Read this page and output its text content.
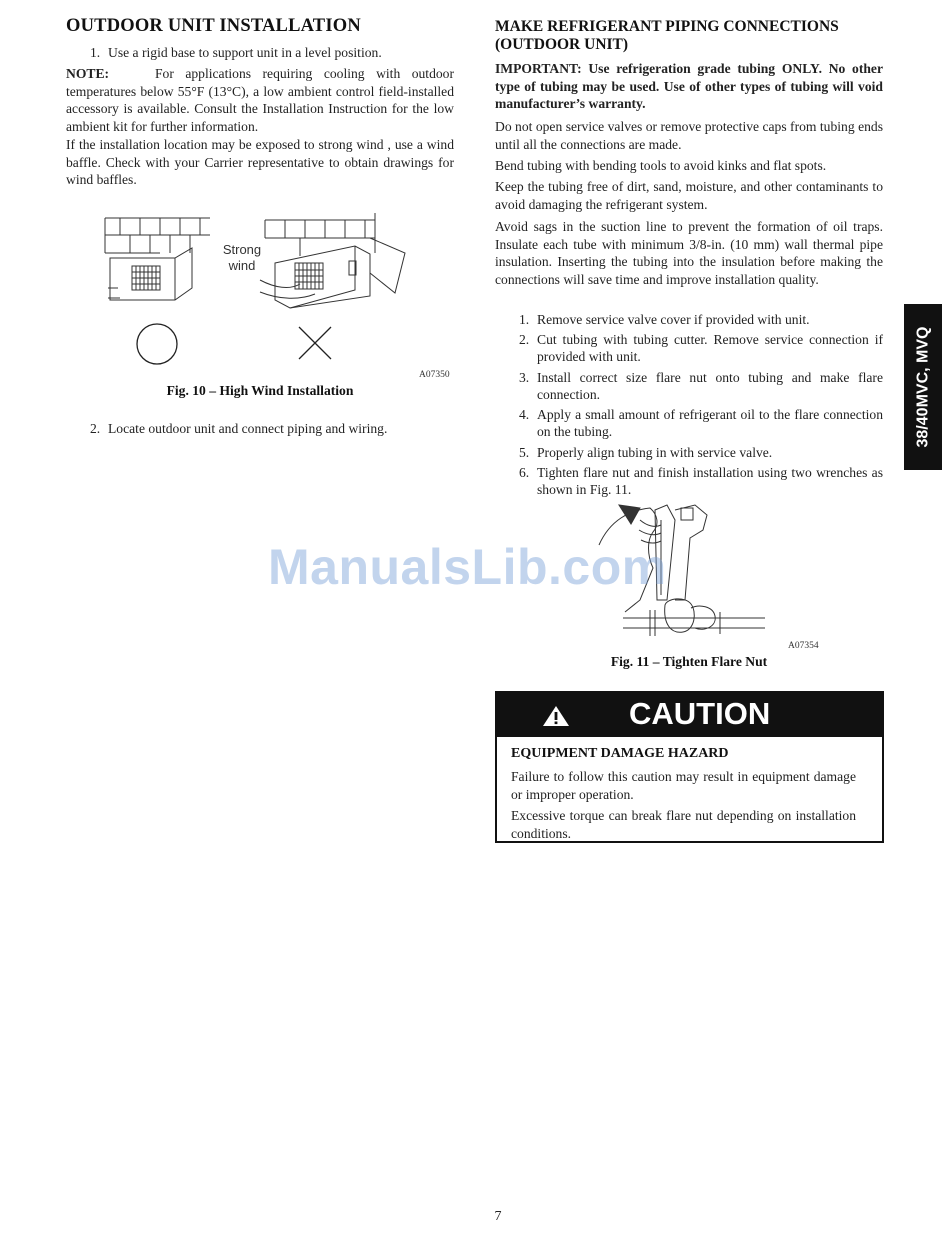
OUTDOOR UNIT INSTALLATION
1. Use a rigid base to support unit in a level position.
NOTE:	For applications requiring cooling with outdoor temperatures below 55°F (13°C), a low ambient control field-installed accessory is available. Consult the Installation Instruction for the low ambient kit for further information.
If the installation location may be exposed to strong wind , use a wind baffle. Check with your Carrier representative to obtain drawings for wind baffles.
Strong wind
A07350
Fig. 10 – High Wind Installation
2. Locate outdoor unit and connect piping and wiring.
MAKE REFRIGERANT PIPING CONNECTIONS (OUTDOOR UNIT)
IMPORTANT: Use refrigeration grade tubing ONLY. No other type of tubing may be used. Use of other types of tubing will void manufacturer’s warranty.
Do not open service valves or remove protective caps from tubing ends until all the connections are made.
Bend tubing with bending tools to avoid kinks and flat spots.
Keep the tubing free of dirt, sand, moisture, and other contaminants to avoid damaging the refrigerant system.
Avoid sags in the suction line to prevent the formation of oil traps. Insulate each tube with minimum 3/8-in. (10 mm) wall thermal pipe insulation. Inserting the tubing into the insulation before making the connections will save time and improve installation quality.
1. Remove service valve cover if provided with unit.
2. Cut tubing with tubing cutter. Remove service connection if provided with unit.
3. Install correct size flare nut onto tubing and make flare connection.
4. Apply a small amount of refrigerant oil to the flare connection on the tubing.
5. Properly align tubing in with service valve.
6. Tighten flare nut and finish installation using two wrenches as shown in Fig. 11.
A07354
Fig. 11 – Tighten Flare Nut
CAUTION
EQUIPMENT DAMAGE HAZARD
Failure to follow this caution may result in equipment damage or improper operation.
Excessive torque can break flare nut depending on installation conditions.
38/40MVC, MVQ
ManualsLib.com
7
